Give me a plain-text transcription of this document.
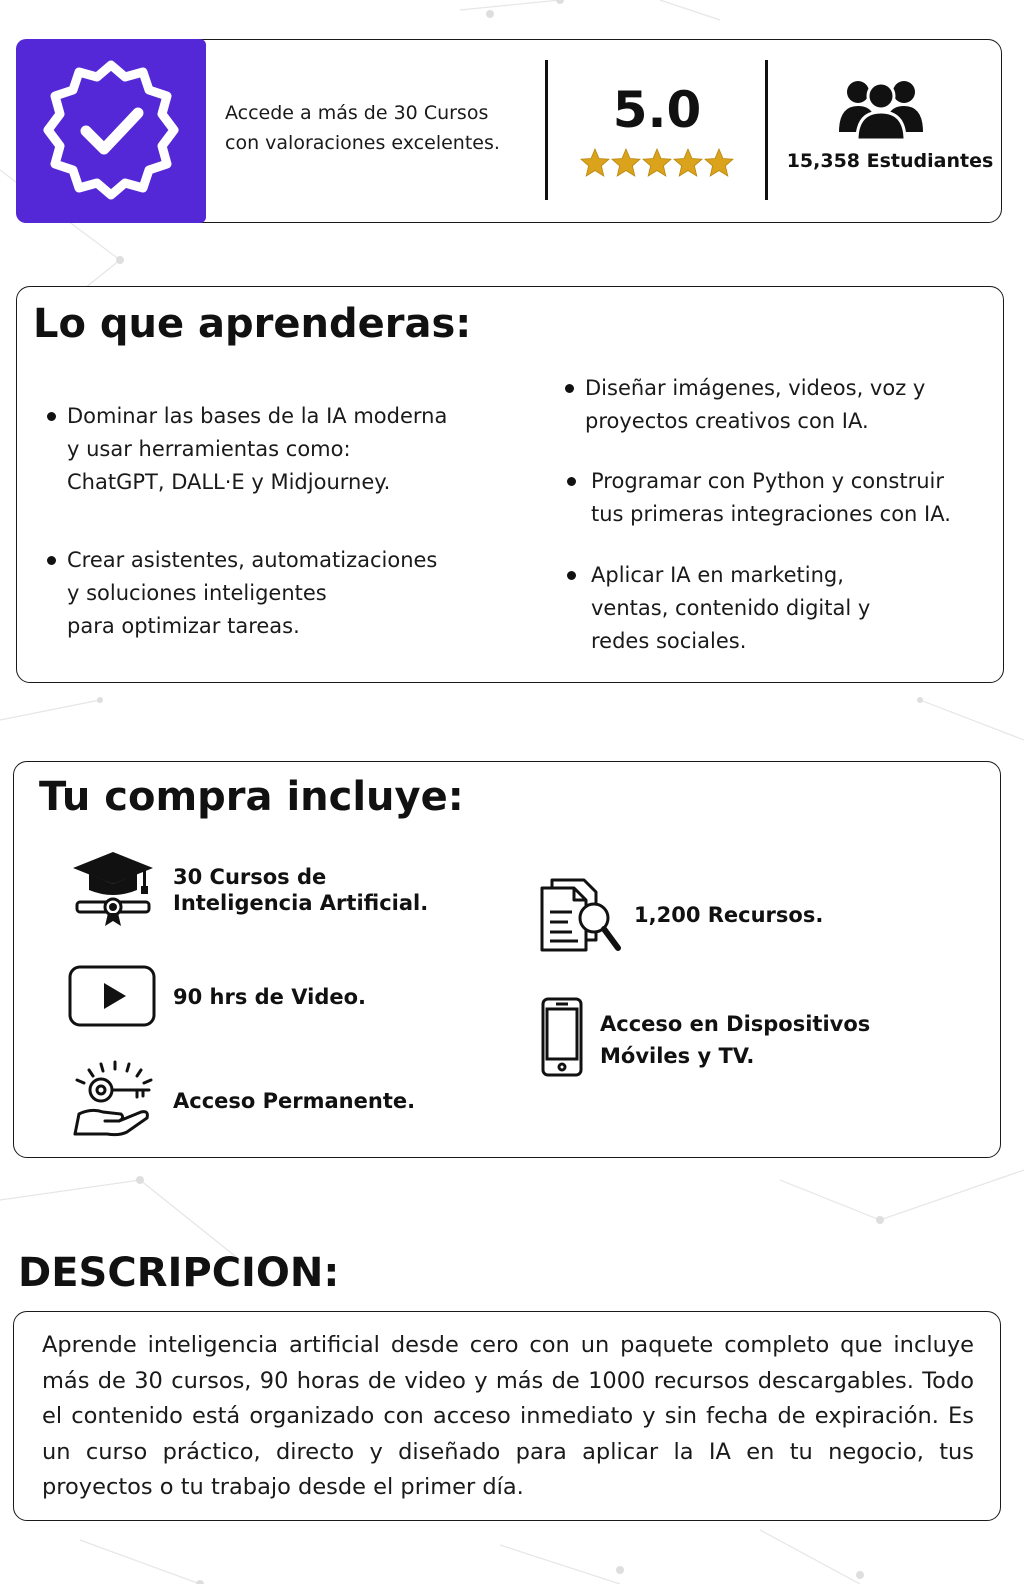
Accede a más de 30 Cursos
con valoraciones excelentes.
5.0
15,358 Estudiantes
Lo que aprenderas:
Dominar las bases de la IA moderna
y usar herramientas como:
ChatGPT, DALL·E y Midjourney.
Crear asistentes, automatizaciones
y soluciones inteligentes
para optimizar tareas.
Diseñar imágenes, videos, voz y
proyectos creativos con IA.
Programar con Python y construir
tus primeras integraciones con IA.
Aplicar IA en marketing,
ventas, contenido digital y
redes sociales.
Tu compra incluye:
30 Cursos de
Inteligencia Artificial.
90 hrs de Video.
Acceso Permanente.
1,200 Recursos.
Acceso en Dispositivos
Móviles y TV.
DESCRIPCION:
Aprende inteligencia artificial desde cero con un paquete completo que incluye más de 30 cursos, 90 horas de video y más de 1000 recursos descargables. Todo el contenido está organizado con acceso inmediato y sin fecha de expiración. Es un curso práctico, directo y diseñado para aplicar la IA en tu negocio, tus proyectos o tu trabajo desde el primer día.
